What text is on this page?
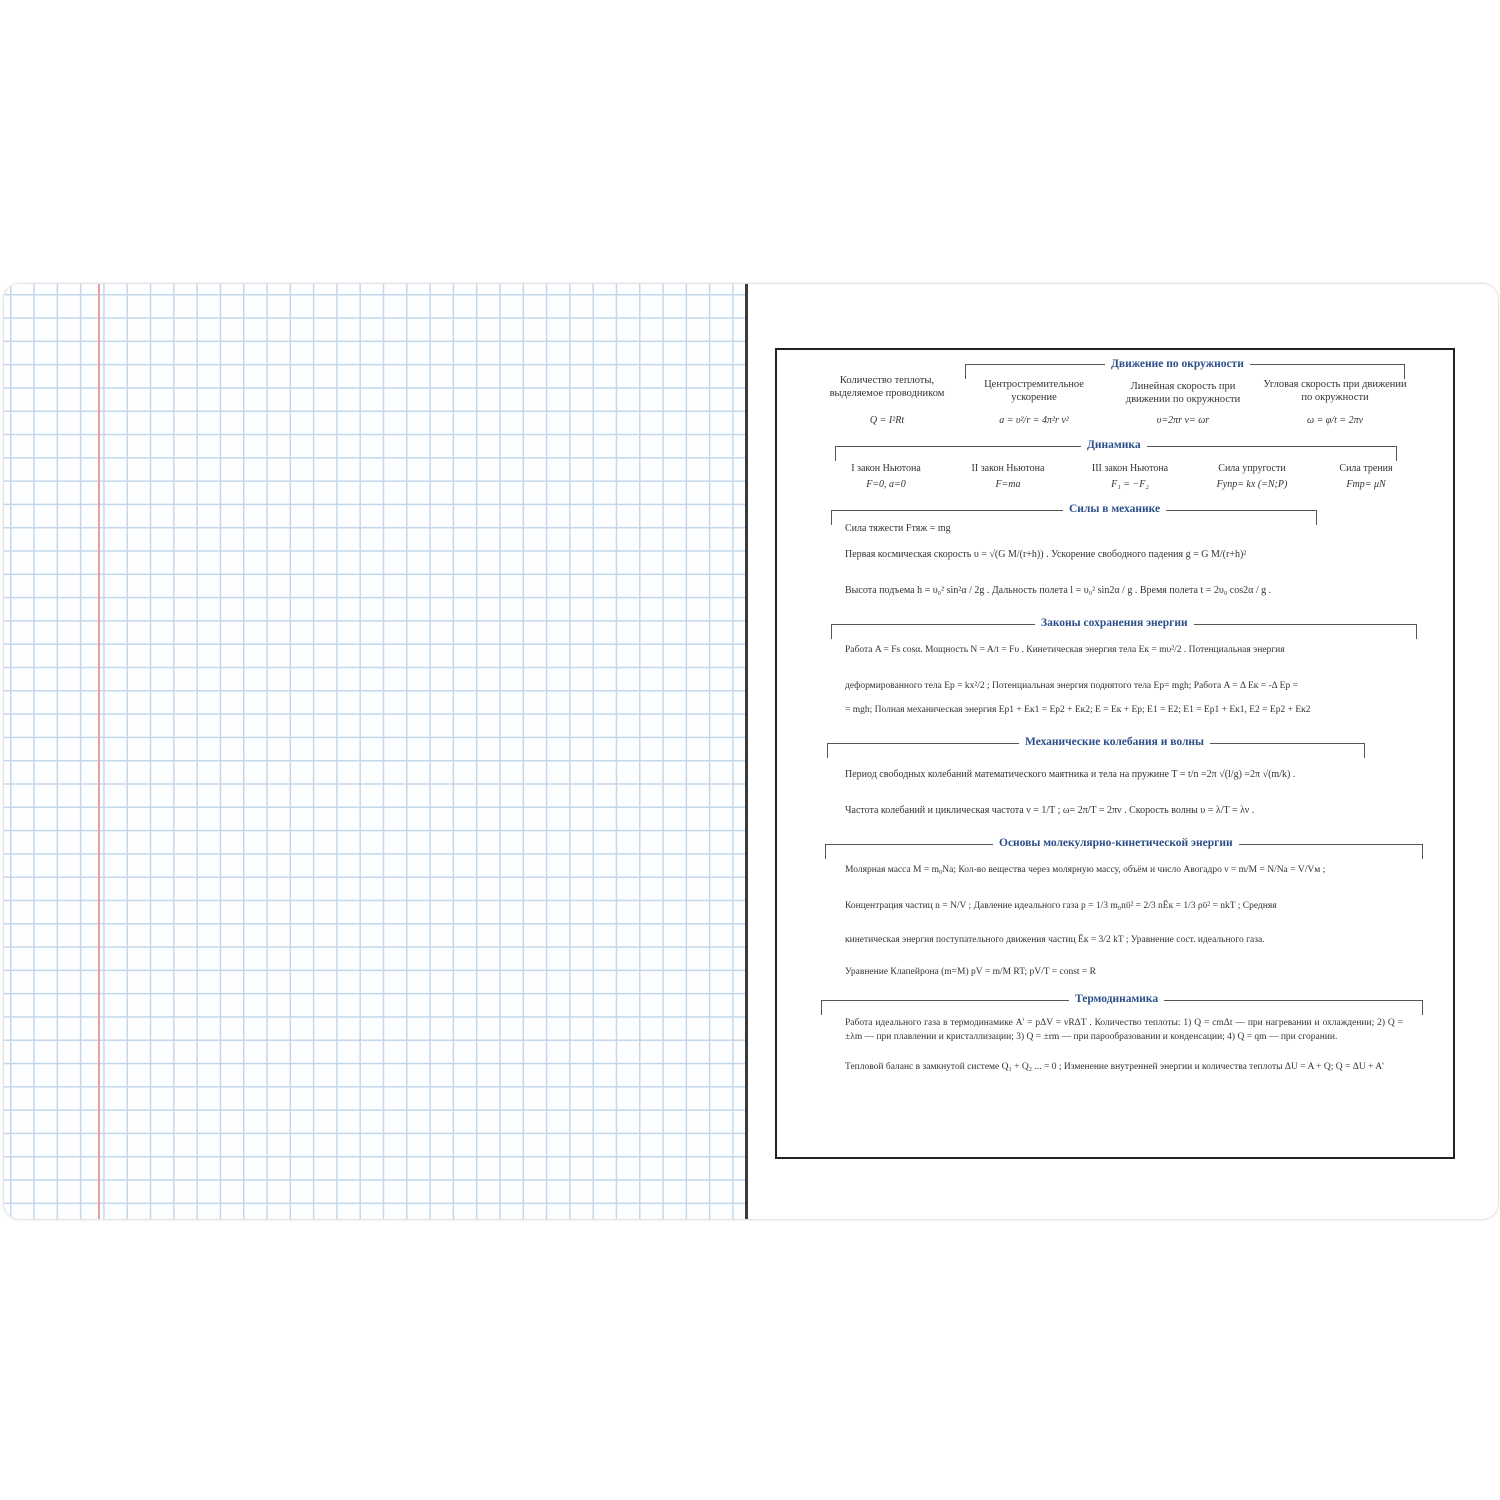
Количество теплоты, выделяемое проводником
Q = I²Rt
Движение по окружности
Центростремительное ускорение
a = υ²/r = 4π²r ν²
Линейная скорость при движении по окружности
υ=2πr ν= ωr
Угловая скорость при движении по окружности
ω = φ/t = 2πν
Динамика
I закон Ньютона
F=0, a=0
II закон Ньютона
F=ma
III закон Ньютона
F₁ = −F₂
Сила упругости
Fупр= kx (=N;P)
Сила трения
Fтр= μN
Силы в механике
Сила тяжести Fтяж = mg
Первая космическая скорость υ = √(G M/(r+h)) . Ускорение свободного падения g = G M/(r+h)²
Высота подъема h = υ₀² sin²α / 2g . Дальность полета l = υ₀² sin2α / g . Время полета t = 2υ₀ cos2α / g .
Законы сохранения энергии
Работа A = Fs cosα. Мощность N = A/t = Fυ . Кинетическая энергия тела Eк = mυ²/2 . Потенциальная энергия
деформированного тела Eр = kx²/2 ; Потенциальная энергия поднятого тела Eр= mgh; Работа A = Δ Eк = -Δ Eр =
= mgh; Полная механическая энергия Eр1 + Eк1 = Eр2 + Eк2; E = Eк + Eр; E1 = E2; E1 = Eр1 + Eк1, E2 = Eр2 + Eк2
Механические колебания и волны
Период свободных колебаний математического маятника и тела на пружине T = t/n =2π √(l/g) =2π √(m/k) .
Частота колебаний и циклическая частота ν = 1/T ; ω= 2π/T = 2πν . Скорость волны υ = λ/T = λν .
Основы молекулярно-кинетической энергии
Молярная масса M = m₀Nа; Кол-во вещества через молярную массу, объём и число Авогадро ν = m/M = N/Nа = V/Vм ;
Концентрация частиц n = N/V ; Давление идеального газа p = 1/3 m₀nῡ² = 2/3 nĒк = 1/3 ρῡ² = nkT ; Средняя
кинетическая энергия поступательного движения частиц Ēк = 3/2 kT ; Уравнение сост. идеального газа.
Уравнение Клапейрона (m=M) pV = m/M RT; pV/T = const = R
Термодинамика
Работа идеального газа в термодинамике A' = pΔV = νRΔT . Количество теплоты: 1) Q = cmΔt — при нагревании и охлаждении; 2) Q = ±λm — при плавлении и кристаллизации; 3) Q = ±rm — при парообразовании и конденсации; 4) Q = qm — при сгорании.
Тепловой баланс в замкнутой системе Q₁ + Q₂ ... = 0 ; Изменение внутренней энергии и количества теплоты ΔU = A + Q; Q = ΔU + A'
